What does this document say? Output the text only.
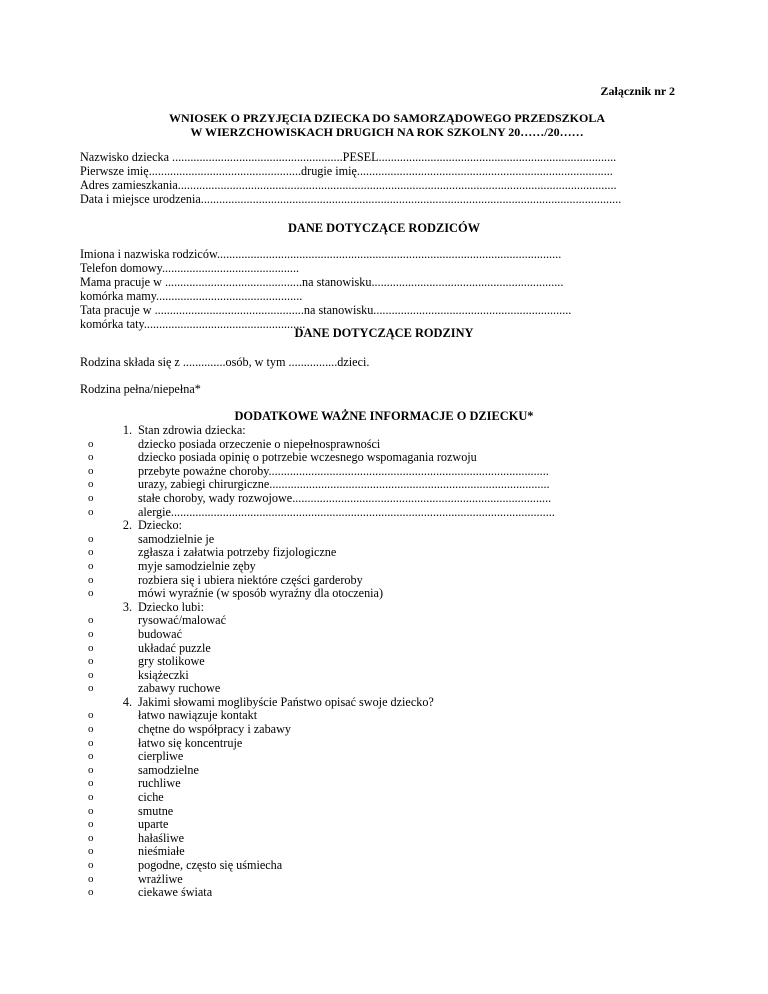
Załącznik nr 2
WNIOSEK O PRZYJĘCIA DZIECKA DO SAMORZĄDOWEGO PRZEDSZKOLA
W WIERZCHOWISKACH DRUGICH NA ROK SZKOLNY 20……/20……
Nazwisko dziecka ........................................................PESEL..............................................................................
Pierwsze imię..................................................drugie imię....................................................................................
Adres zamieszkania................................................................................................................................................
Data i miejsce urodzenia..........................................................................................................................................
DANE DOTYCZĄCE RODZICÓW
Imiona i nazwiska rodziców.................................................................................................................
Telefon domowy.............................................
Mama pracuje w .............................................na stanowisku...............................................................
komórka mamy................................................
Tata pracuje w .................................................na stanowisku.................................................................
komórka taty.....................................................
DANE DOTYCZĄCE RODZINY
Rodzina składa się z ..............osób, w tym ................dzieci.
Rodzina pełna/niepełna*
DODATKOWE WAŻNE INFORMACJE O DZIECKU*
1. Stan zdrowia dziecka:
o	dziecko posiada orzeczenie o niepełnosprawności
o	dziecko posiada opinię o potrzebie wczesnego wspomagania rozwoju
o	przebyte poważne choroby............................................................................................
o	urazy, zabiegi chirurgiczne............................................................................................
o	stałe choroby, wady rozwojowe.....................................................................................
o	alergie..............................................................................................................................
2. Dziecko:
o	samodzielnie je
o	zgłasza i załatwia potrzeby fizjologiczne
o	myje samodzielnie zęby
o	rozbiera się i ubiera niektóre części garderoby
o	mówi wyraźnie (w sposób wyraźny dla otoczenia)
3. Dziecko lubi:
o	rysować/malować
o	budować
o	układać puzzle
o	gry stolikowe
o	książeczki
o	zabawy ruchowe
4. Jakimi słowami moglibyście Państwo opisać swoje dziecko?
o	łatwo nawiązuje kontakt
o	chętne do współpracy i zabawy
o	łatwo się koncentruje
o	cierpliwe
o	samodzielne
o	ruchliwe
o	ciche
o	smutne
o	uparte
o	hałaśliwe
o	nieśmiałe
o	pogodne, często się uśmiecha
o	wrażliwe
o	ciekawe świata
